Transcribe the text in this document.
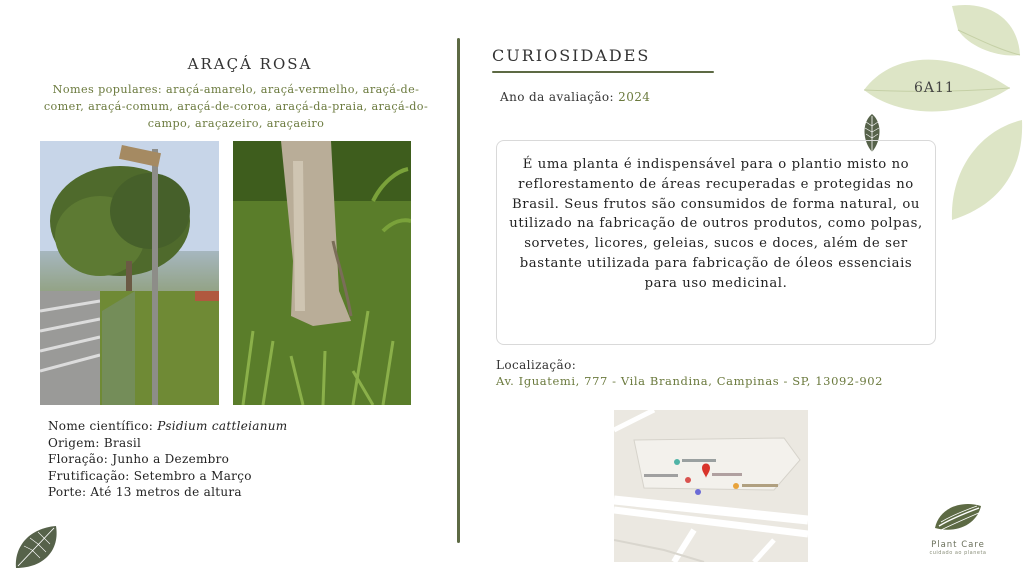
ARAÇÁ ROSA
Nomes populares: araçá-amarelo, araçá-vermelho, araçá-de-comer, araçá-comum, araçá-de-coroa, araçá-da-praia, araçá-do-campo, araçazeiro, araçaeiro
Nome científico: Psidium cattleianum
Origem: Brasil
Floração: Junho a Dezembro
Frutificação: Setembro a Março
Porte: Até 13 metros de altura
CURIOSIDADES
Ano da avaliação: 2024
É uma planta é indispensável para o plantio misto no reflorestamento de áreas recuperadas e protegidas no Brasil. Seus frutos são consumidos de forma natural, ou utilizado na fabricação de outros produtos, como polpas, sorvetes, licores, geleias, sucos e doces, além de ser bastante utilizada para fabricação de óleos essenciais para uso medicinal.
Localização:
Av. Iguatemi, 777 - Vila Brandina, Campinas - SP, 13092-902
6A11
Plant Care
cuidado ao planeta
